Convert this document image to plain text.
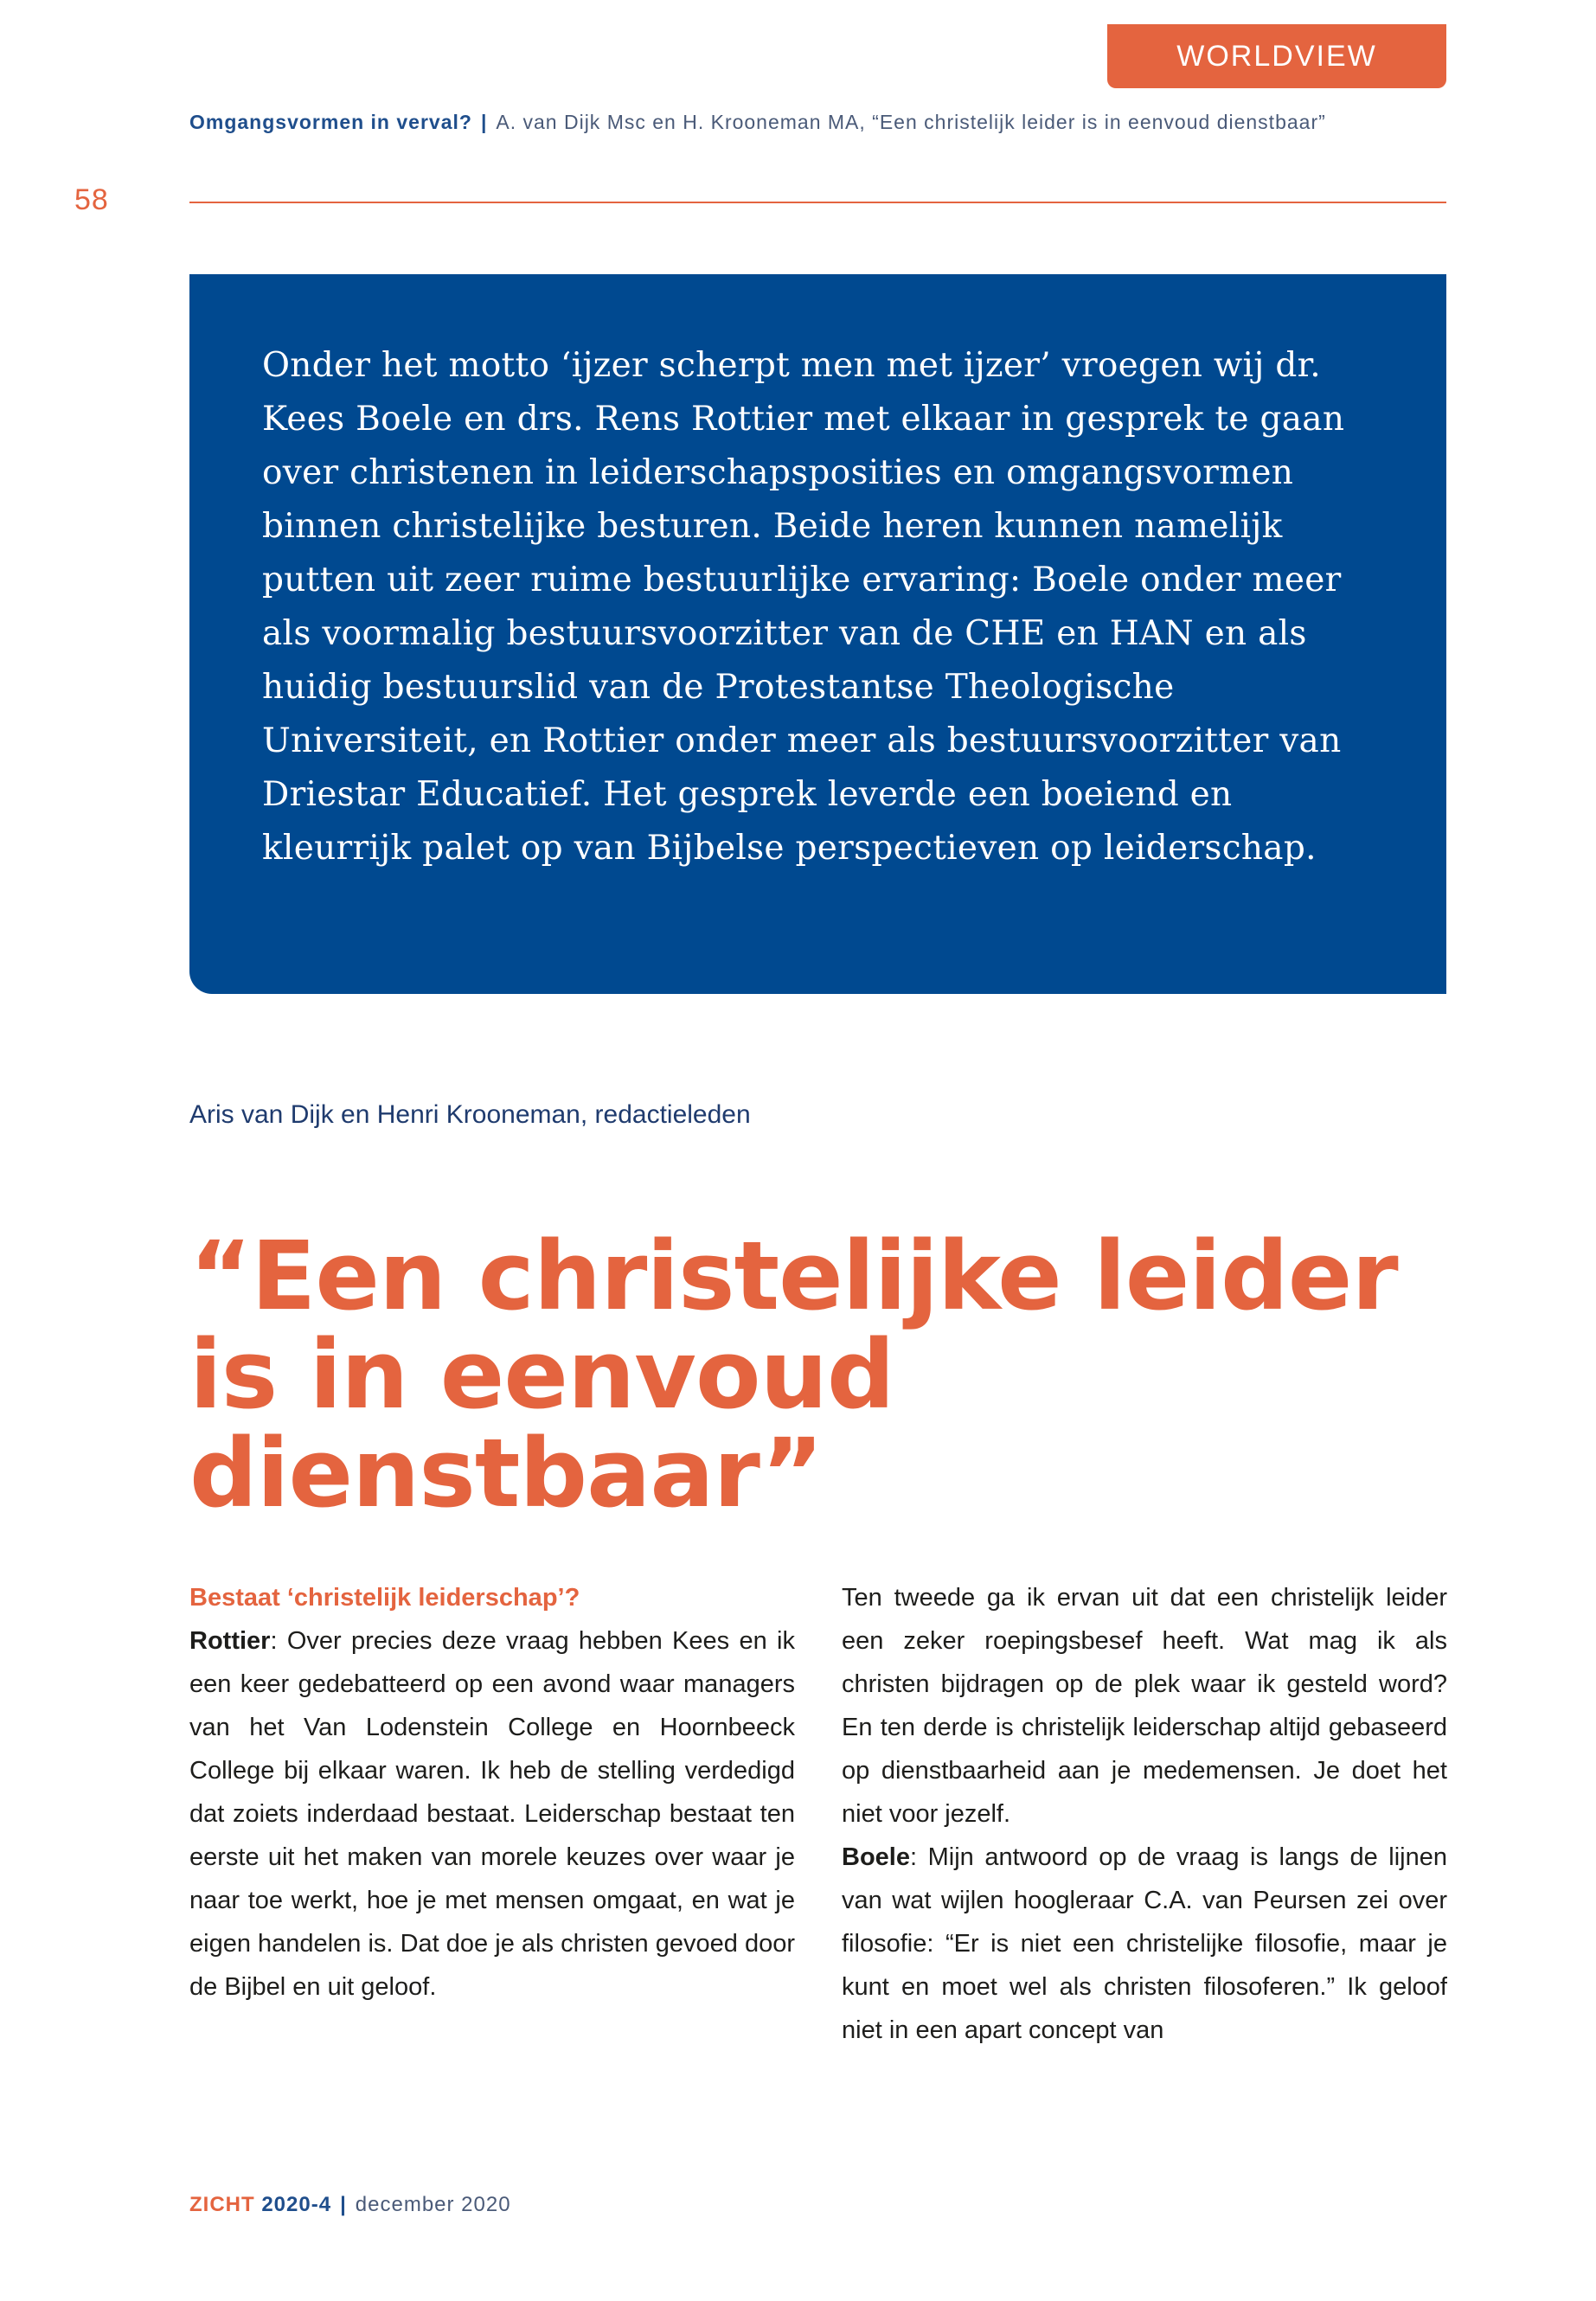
WORLDVIEW
Omgangsvormen in verval? | A. van Dijk Msc en H. Krooneman MA, “Een christelijk leider is in eenvoud dienstbaar”
58

Onder het motto ‘ijzer scherpt men met ijzer’ vroegen wij dr. Kees Boele en drs. Rens Rottier met elkaar in gesprek te gaan over christenen in leiderschapsposities en omgangsvormen binnen christelijke besturen. Beide heren kunnen namelijk putten uit zeer ruime bestuurlijke ervaring: Boele onder meer als voormalig bestuursvoorzitter van de CHE en HAN en als huidig bestuurslid van de Protestantse Theologische Universiteit, en Rottier onder meer als bestuursvoorzitter van Driestar Educatief. Het gesprek leverde een boeiend en kleurrijk palet op van Bijbelse perspectieven op leiderschap.

Aris van Dijk en Henri Krooneman, redactieleden
“Een christelijke leider is in eenvoud dienstbaar”

Bestaat ‘christelijk leiderschap’?

Rottier: Over precies deze vraag hebben Kees en ik een keer gedebatteerd op een avond waar managers van het Van Lodenstein College en Hoornbeeck College bij elkaar waren. Ik heb de stelling verdedigd dat zoiets inderdaad bestaat. Leiderschap bestaat ten eerste uit het maken van morele keuzes over waar je naar toe werkt, hoe je met mensen omgaat, en wat je eigen handelen is. Dat doe je als christen gevoed door de Bijbel en uit geloof.

Ten tweede ga ik ervan uit dat een christelijk leider een zeker roepingsbesef heeft. Wat mag ik als christen bijdragen op de plek waar ik gesteld word? En ten derde is christelijk leiderschap altijd gebaseerd op dienstbaarheid aan je medemensen. Je doet het niet voor jezelf.

Boele: Mijn antwoord op de vraag is langs de lijnen van wat wijlen hoogleraar C.A. van Peursen zei over filosofie: “Er is niet een christelijke filosofie, maar je kunt en moet wel als christen filosoferen.” Ik geloof niet in een apart concept van

ZICHT 2020-4 | december 2020
